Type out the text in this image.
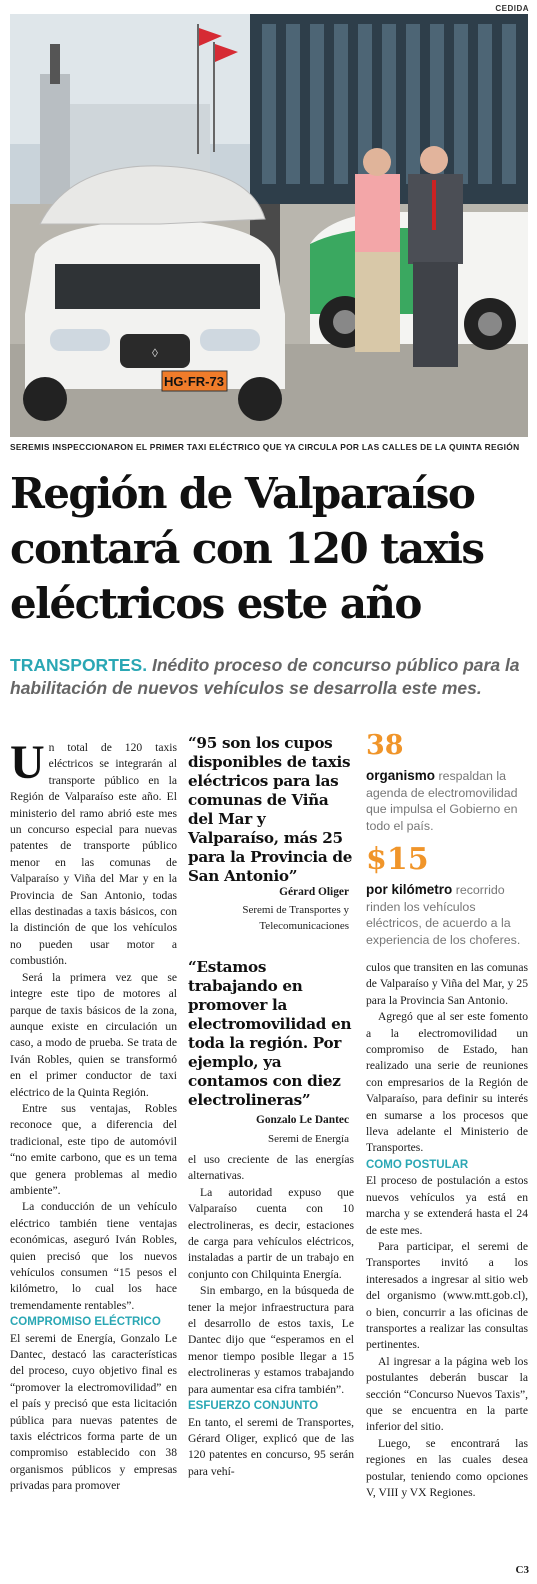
CEDIDA
◊
HG·FR-73
SEREMIS INSPECCIONARON EL PRIMER TAXI ELÉCTRICO QUE YA CIRCULA POR LAS CALLES DE LA QUINTA REGIÓN
Región de Valparaíso
contará con 120 taxis
eléctricos este año
TRANSPORTES. Inédito proceso de concurso público para la habilitación de nuevos vehículos se desarrolla este mes.

Un total de 120 taxis eléctricos se integrarán al transporte público en la Región de Valparaíso este año. El ministerio del ramo abrió este mes un concurso especial para nuevas patentes de transporte público menor en las comunas de Valparaíso y Viña del Mar y en la Provincia de San Antonio, todas ellas destinadas a taxis básicos, con la distinción de que los vehículos no pueden usar motor a combustión.

Será la primera vez que se integre este tipo de motores al parque de taxis básicos de la zona, aunque existe en circulación un caso, a modo de prueba. Se trata de Iván Robles, quien se transformó en el primer conductor de taxi eléctrico de la Quinta Región.

Entre sus ventajas, Robles reconoce que, a diferencia del tradicional, este tipo de automóvil “no emite carbono, que es un tema que genera problemas al medio ambiente”.

La conducción de un vehículo eléctrico también tiene ventajas económicas, aseguró Iván Robles, quien precisó que los nuevos vehículos consumen “15 pesos el kilómetro, lo cual los hace tremendamente rentables”.

COMPROMISO ELÉCTRICO

El seremi de Energía, Gonzalo Le Dantec, destacó las características del proceso, cuyo objetivo final es “promover la electromovilidad” en el país y precisó que esta licitación pública para nuevas patentes de taxis eléctricos forma parte de un compromiso establecido con 38 organismos públicos y empresas privadas para promover

“95 son los cupos disponibles de taxis eléctricos para las comunas de Viña del Mar y Valparaíso, más 25 para la Provincia de San Antonio”
Gérard Oliger
Seremi de Transportes y
Telecomunicaciones
“Estamos trabajando en promover la electromovilidad en toda la región. Por ejemplo, ya contamos con diez electrolineras”
Gonzalo Le Dantec
Seremi de Energía

el uso creciente de las energías alternativas.

La autoridad expuso que Valparaíso cuenta con 10 electrolineras, es decir, estaciones de carga para vehículos eléctricos, instaladas a partir de un trabajo en conjunto con Chilquinta Energía.

Sin embargo, en la búsqueda de tener la mejor infraestructura para el desarrollo de estos taxis, Le Dantec dijo que “esperamos en el menor tiempo posible llegar a 15 electrolineras y estamos trabajando para aumentar esa cifra también”.

ESFUERZO CONJUNTO

En tanto, el seremi de Transportes, Gérard Oliger, explicó que de las 120 patentes en concurso, 95 serán para vehí-

38
organismo respaldan la agenda de electromovilidad que impulsa el Gobierno en todo el país.
$15
por kilómetro recorrido rinden los vehículos eléctricos, de acuerdo a la experiencia de los choferes.

culos que transiten en las comunas de Valparaíso y Viña del Mar, y 25 para la Provincia San Antonio.

Agregó que al ser este fomento a la electromovilidad un compromiso de Estado, han realizado una serie de reuniones con empresarios de la Región de Valparaíso, para definir su interés en sumarse a los procesos que lleva adelante el Ministerio de Transportes.

COMO POSTULAR

El proceso de postulación a estos nuevos vehículos ya está en marcha y se extenderá hasta el 24 de este mes.

Para participar, el seremi de Transportes invitó a los interesados a ingresar al sitio web del organismo (www.mtt.gob.cl), o bien, concurrir a las oficinas de transportes a realizar las consultas pertinentes.

Al ingresar a la página web los postulantes deberán buscar la sección “Concurso Nuevos Taxis”, que se encuentra en la parte inferior del sitio.

Luego, se encontrará las regiones en las cuales desea postular, teniendo como opciones V, VIII y VX Regiones.

C3
